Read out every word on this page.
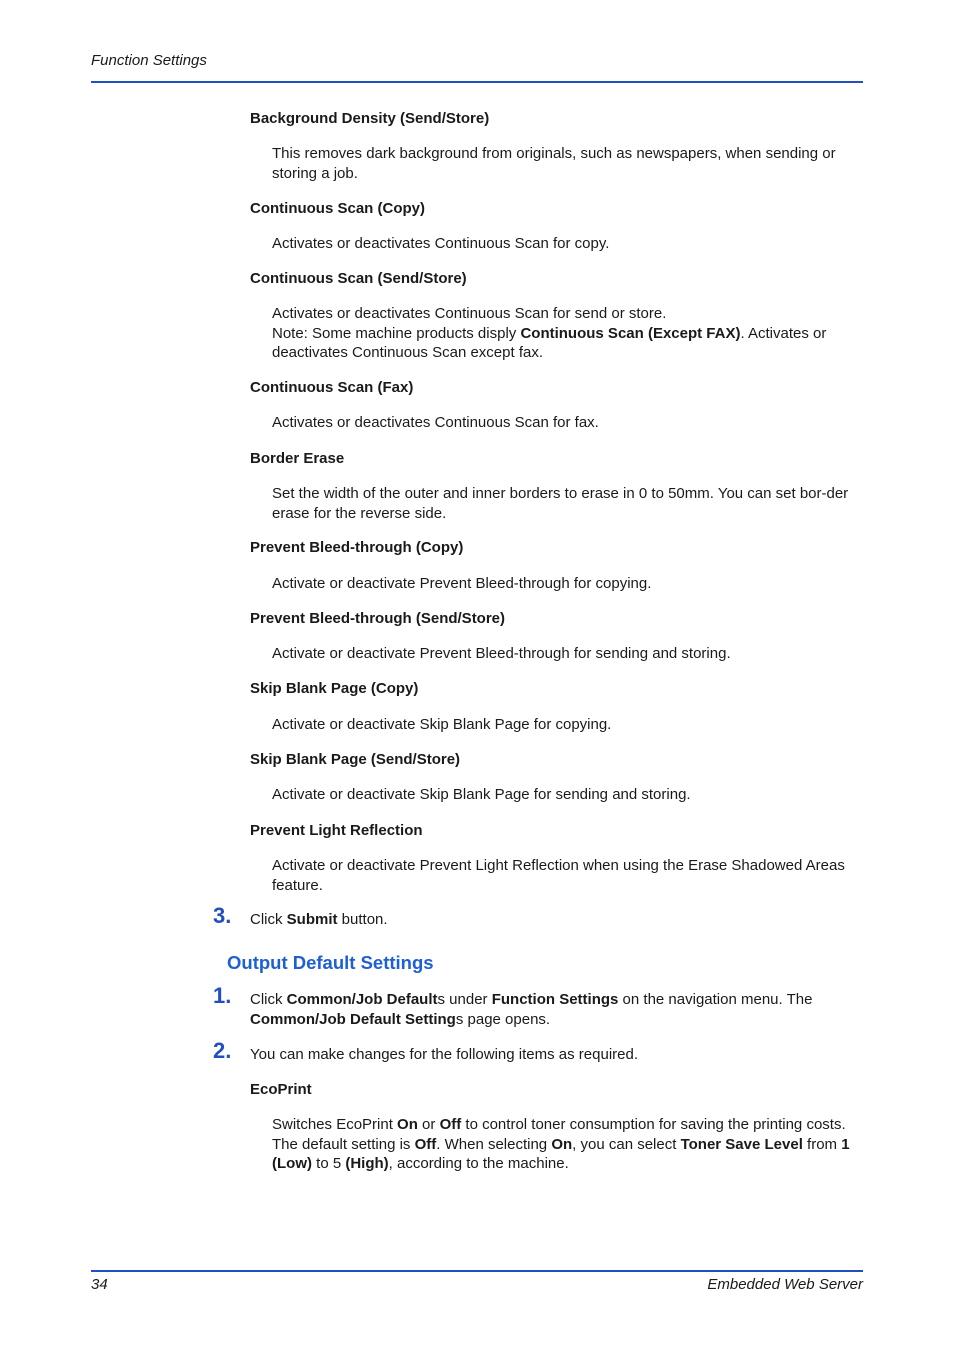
Function Settings
Background Density (Send/Store)
This removes dark background from originals, such as newspapers, when sending or storing a job.
Continuous Scan (Copy)
Activates or deactivates Continuous Scan for copy.
Continuous Scan (Send/Store)
Activates or deactivates Continuous Scan for send or store.
Note: Some machine products disply Continuous Scan (Except FAX). Activates or deactivates Continuous Scan except fax.
Continuous Scan (Fax)
Activates or deactivates Continuous Scan for fax.
Border Erase
Set the width of the outer and inner borders to erase in 0 to 50mm. You can set bor-der erase for the reverse side.
Prevent Bleed-through (Copy)
Activate or deactivate Prevent Bleed-through for copying.
Prevent Bleed-through (Send/Store)
Activate or deactivate Prevent Bleed-through for sending and storing.
Skip Blank Page (Copy)
Activate or deactivate Skip Blank Page for copying.
Skip Blank Page (Send/Store)
Activate or deactivate Skip Blank Page for sending and storing.
Prevent Light Reflection
Activate or deactivate Prevent Light Reflection when using the Erase Shadowed Areas feature.
3. Click Submit button.
Output Default Settings
1. Click Common/Job Defaults under Function Settings on the navigation menu. The Common/Job Default Settings page opens.
2. You can make changes for the following items as required.
EcoPrint
Switches EcoPrint On or Off to control toner consumption for saving the printing costs. The default setting is Off. When selecting On, you can select Toner Save Level from 1 (Low) to 5 (High), according to the machine.
34	Embedded Web Server
